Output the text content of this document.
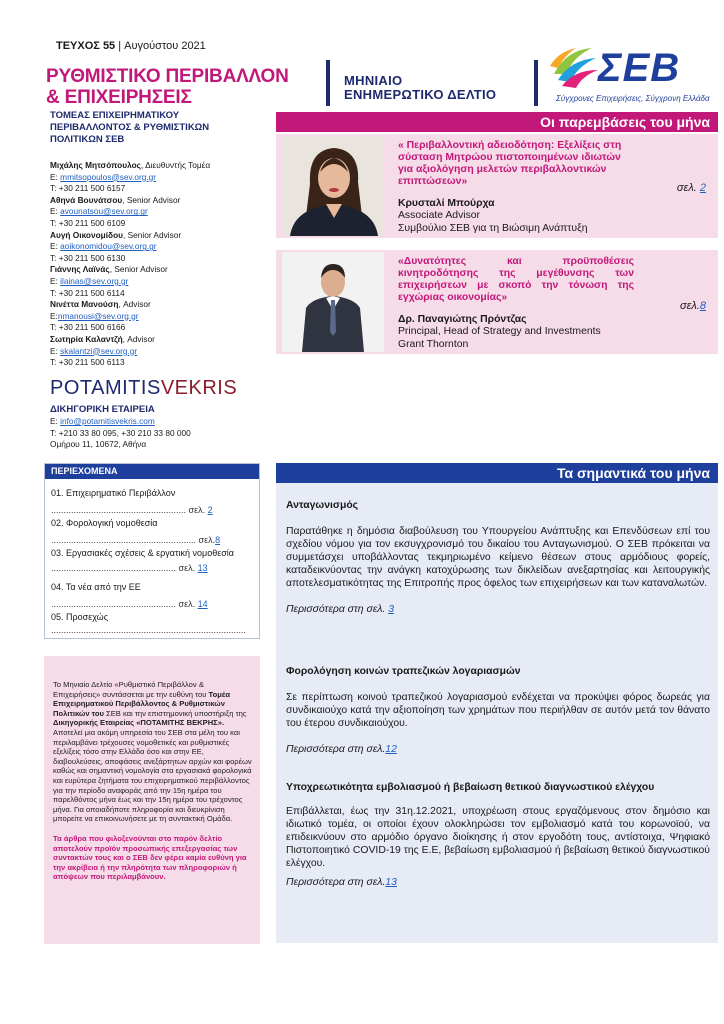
ΤΕΥΧΟΣ 55 | Αυγούστου 2021
ΡΥΘΜΙΣΤΙΚΟ ΠΕΡΙΒΑΛΛΟΝ
& ΕΠΙΧΕΙΡΗΣΕΙΣ
ΜΗΝΙΑΙΟ
ΕΝΗΜΕΡΩΤΙΚΟ ΔΕΛΤΙΟ
ΣΕΒ
Σύγχρονες Επιχειρήσεις, Σύγχρονη Ελλάδα
ΤΟΜΕΑΣ ΕΠΙΧΕΙΡΗΜΑΤΙΚΟΥ
ΠΕΡΙΒΑΛΛΟΝΤΟΣ & ΡΥΘΜΙΣΤΙΚΩΝ
ΠΟΛΙΤΙΚΩΝ ΣΕΒ
Μιχάλης Μητσόπουλος, Διευθυντής Τομέα
E: mmitsopoulos@sev.org.gr
T: +30 211 500 6157
Αθηνά Βουνάτσου, Senior Advisor
E: avounatsou@sev.org.gr
T: +30 211 500 6109
Αυγή Οικονομίδου, Senior Advisor
E: aoikonomidou@sev.org.gr
T: +30 211 500 6130
Γιάννης Λαϊνάς, Senior Advisor
E: ilainas@sev.org.gr
T: +30 211 500 6114
Νινέττα Μανούση, Advisor
E:nmanousi@sev.org.gr
T: +30 211 500 6166
Σωτηρία Καλαντζή, Advisor
E: skalantzi@sev.org.gr
T: +30 211 500 6113
POTAMITISVEKRIS
ΔΙΚΗΓΟΡΙΚΗ ΕΤΑΙΡΕΙΑ
E: info@potamitisvekris.com
T: +210 33 80 095, +30 210 33 80 000
Ομήρου 11, 10672, Αθήνα
Οι παρεμβάσεις του μήνα
« Περιβαλλοντική αδειοδότηση: Εξελίξεις στη σύσταση Μητρώου πιστοποιημένων ιδιωτών για αξιολόγηση μελετών περιβαλλοντικών επιπτώσεων»
σελ. 2
Κρυσταλί Μπούρχα
Associate Advisor
Συμβούλιο ΣΕΒ για τη Βιώσιμη Ανάπτυξη
«Δυνατότητες και προϋποθέσεις κινητροδότησης της μεγέθυνσης των επιχειρήσεων με σκοπό την τόνωση της εγχώριας οικονομίας»
σελ.8
Δρ. Παναγιώτης Πρόντζας
Principal, Head of Strategy and Investments
Grant Thornton
ΠΕΡΙΕΧΟΜΕΝΑ
01. Επιχειρηματικό Περιβάλλον
...................................................... σελ. 2
02. Φορολογική νομοθεσία
.......................................................... σελ.8
03. Εργασιακές σχέσεις & εργατική νομοθεσία
.................................................. σελ. 13
04. Τα νέα από την ΕΕ
.................................................. σελ. 14
05. Προσεχώς
..............................................................................
Το Μηνιαίο Δελτίο «Ρυθμιστικό Περιβάλλον & Επιχειρήσεις» συντάσσεται με την ευθύνη του Τομέα Επιχειρηματικού Περιβάλλοντος & Ρυθμιστικών Πολιτικών του ΣΕΒ και την επιστημονική υποστήριξη της Δικηγορικής Εταιρείας «ΠΟΤΑΜΙΤΗΣ ΒΕΚΡΗΣ». Αποτελεί μια ακόμη υπηρεσία του ΣΕΒ στα μέλη του και περιλαμβάνει τρέχουσες νομοθετικές και ρυθμιστικές εξελίξεις τόσο στην Ελλάδα όσο και στην ΕΕ, διαβουλεύσεις, αποφάσεις ανεξάρτητων αρχών και φορέων καθώς και σημαντική νομολογία στα εργασιακά φορολογικά και ευρύτερα ζητήματα του επιχειρηματικού περιβάλλοντος για την περίοδο αναφοράς από την 15η ημέρα του παρελθόντος μήνα έως και την 15η ημέρα του τρέχοντος μήνα. Για οποιαδήποτε πληροφορία και διευκρίνιση μπορείτε να επικοινωνήσετε με τη συντακτική Ομάδα.
Τα άρθρα που φιλοξενούνται στο παρόν δελτίο αποτελούν προϊόν προσωπικής επεξεργασίας των συντακτών τους και ο ΣΕΒ δεν φέρει καμία ευθύνη για την ακρίβεια ή την πληρότητα των πληροφοριών ή απόψεων που περιλαμβάνουν.
Τα σημαντικά του μήνα
Ανταγωνισμός

Παρατάθηκε η δημόσια διαβούλευση του Υπουργείου Ανάπτυξης και Επενδύσεων επί του σχεδίου νόμου για τον εκσυγχρονισμό του δικαίου του Ανταγωνισμού. Ο ΣΕΒ πρόκειται να συμμετάσχει υποβάλλοντας τεκμηριωμένο κείμενο θέσεων στους αρμόδιους φορείς, καταδεικνύοντας την ανάγκη κατοχύρωσης των δικλείδων ανεξαρτησίας και λειτουργικής αποτελεσματικότητας της Επιτροπής προς όφελος των επιχειρήσεων και των καταναλωτών.

Περισσότερα στη σελ. 3

Φορολόγηση κοινών τραπεζικών λογαριασμών

Σε περίπτωση κοινού τραπεζικού λογαριασμού ενδέχεται να προκύψει φόρος δωρεάς για συνδικαιούχο κατά την αξιοποίηση των χρημάτων που περιήλθαν σε αυτόν μετά τον θάνατο του έτερου συνδικαιούχου.

Περισσότερα στη σελ.12

Υποχρεωτικότητα εμβολιασμού ή βεβαίωση θετικού διαγνωστικού ελέγχου

Επιβάλλεται, έως την 31η.12.2021, υποχρέωση στους εργαζόμενους στον δημόσιο και ιδιωτικό τομέα, οι οποίοι έχουν ολοκληρώσει τον εμβολιασμό κατά του κορωνοϊού, να επιδεικνύουν στο αρμόδιο όργανο διοίκησης ή στον εργοδότη τους, αντίστοιχα, Ψηφιακό Πιστοποιητικό COVID-19 της Ε.Ε, βεβαίωση εμβολιασμού ή βεβαίωση θετικού διαγνωστικού ελέγχου.

Περισσότερα στη σελ.13
